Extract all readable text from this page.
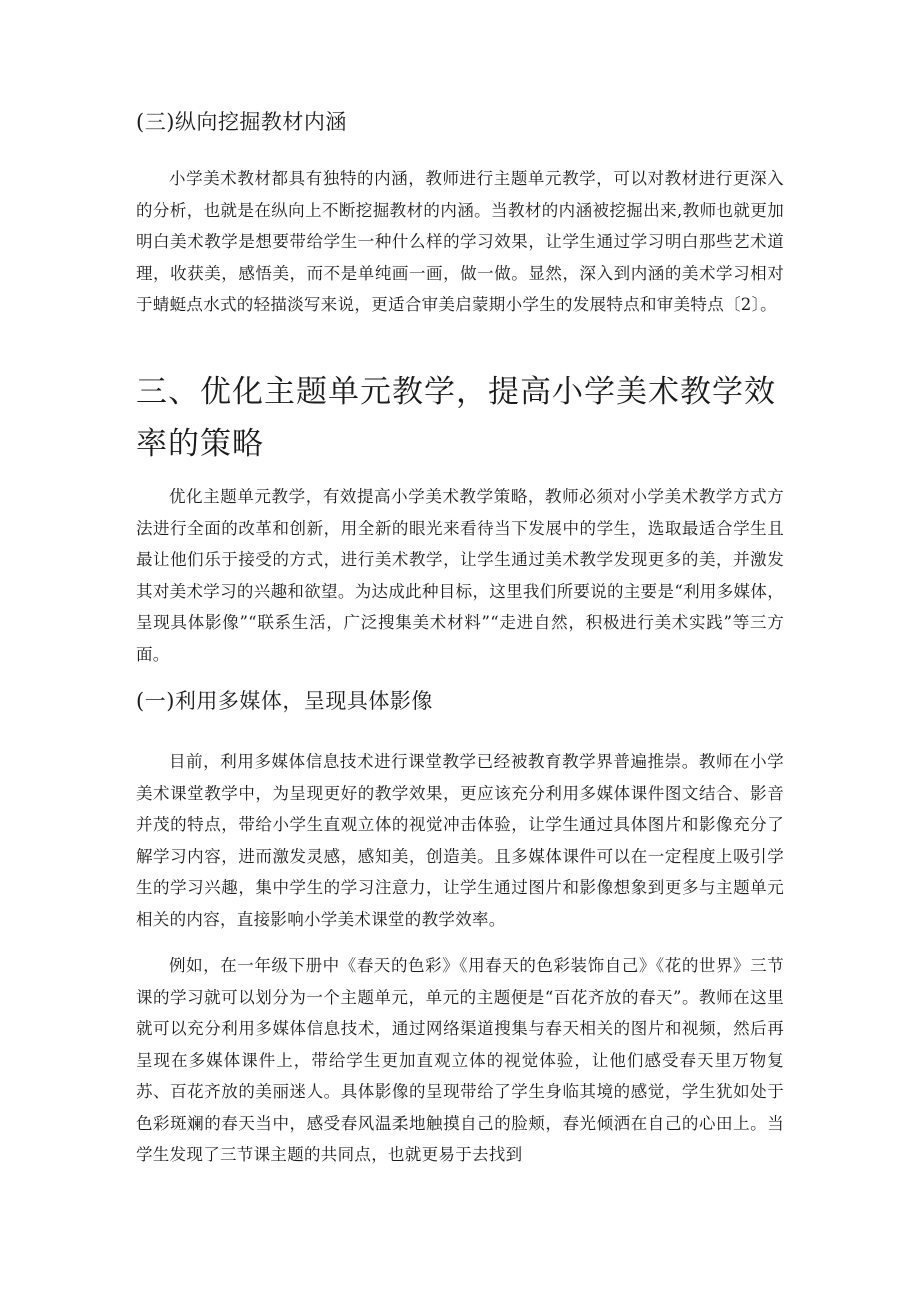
(三)纵向挖掘教材内涵

小学美术教材都具有独特的内涵，教师进行主题单元教学，可以对教材进行更深入的分析，也就是在纵向上不断挖掘教材的内涵。当教材的内涵被挖掘出来,教师也就更加明白美术教学是想要带给学生一种什么样的学习效果，让学生通过学习明白那些艺术道理，收获美，感悟美，而不是单纯画一画，做一做。显然，深入到内涵的美术学习相对于蜻蜓点水式的轻描淡写来说，更适合审美启蒙期小学生的发展特点和审美特点〔2〕。

三、优化主题单元教学，提高小学美术教学效率的策略

优化主题单元教学，有效提高小学美术教学策略，教师必须对小学美术教学方式方法进行全面的改革和创新，用全新的眼光来看待当下发展中的学生，选取最适合学生且最让他们乐于接受的方式，进行美术教学，让学生通过美术教学发现更多的美，并激发其对美术学习的兴趣和欲望。为达成此种目标，这里我们所要说的主要是“利用多媒体，呈现具体影像”“联系生活，广泛搜集美术材料”“走进自然，积极进行美术实践”等三方面。

(一)利用多媒体，呈现具体影像

目前，利用多媒体信息技术进行课堂教学已经被教育教学界普遍推崇。教师在小学美术课堂教学中，为呈现更好的教学效果，更应该充分利用多媒体课件图文结合、影音并茂的特点，带给小学生直观立体的视觉冲击体验，让学生通过具体图片和影像充分了解学习内容，进而激发灵感，感知美，创造美。且多媒体课件可以在一定程度上吸引学生的学习兴趣，集中学生的学习注意力，让学生通过图片和影像想象到更多与主题单元相关的内容，直接影响小学美术课堂的教学效率。

例如，在一年级下册中《春天的色彩》《用春天的色彩装饰自己》《花的世界》三节课的学习就可以划分为一个主题单元，单元的主题便是“百花齐放的春天”。教师在这里就可以充分利用多媒体信息技术，通过网络渠道搜集与春天相关的图片和视频，然后再呈现在多媒体课件上，带给学生更加直观立体的视觉体验，让他们感受春天里万物复苏、百花齐放的美丽迷人。具体影像的呈现带给了学生身临其境的感觉，学生犹如处于色彩斑斓的春天当中，感受春风温柔地触摸自己的脸颊，春光倾洒在自己的心田上。当学生发现了三节课主题的共同点，也就更易于去找到
